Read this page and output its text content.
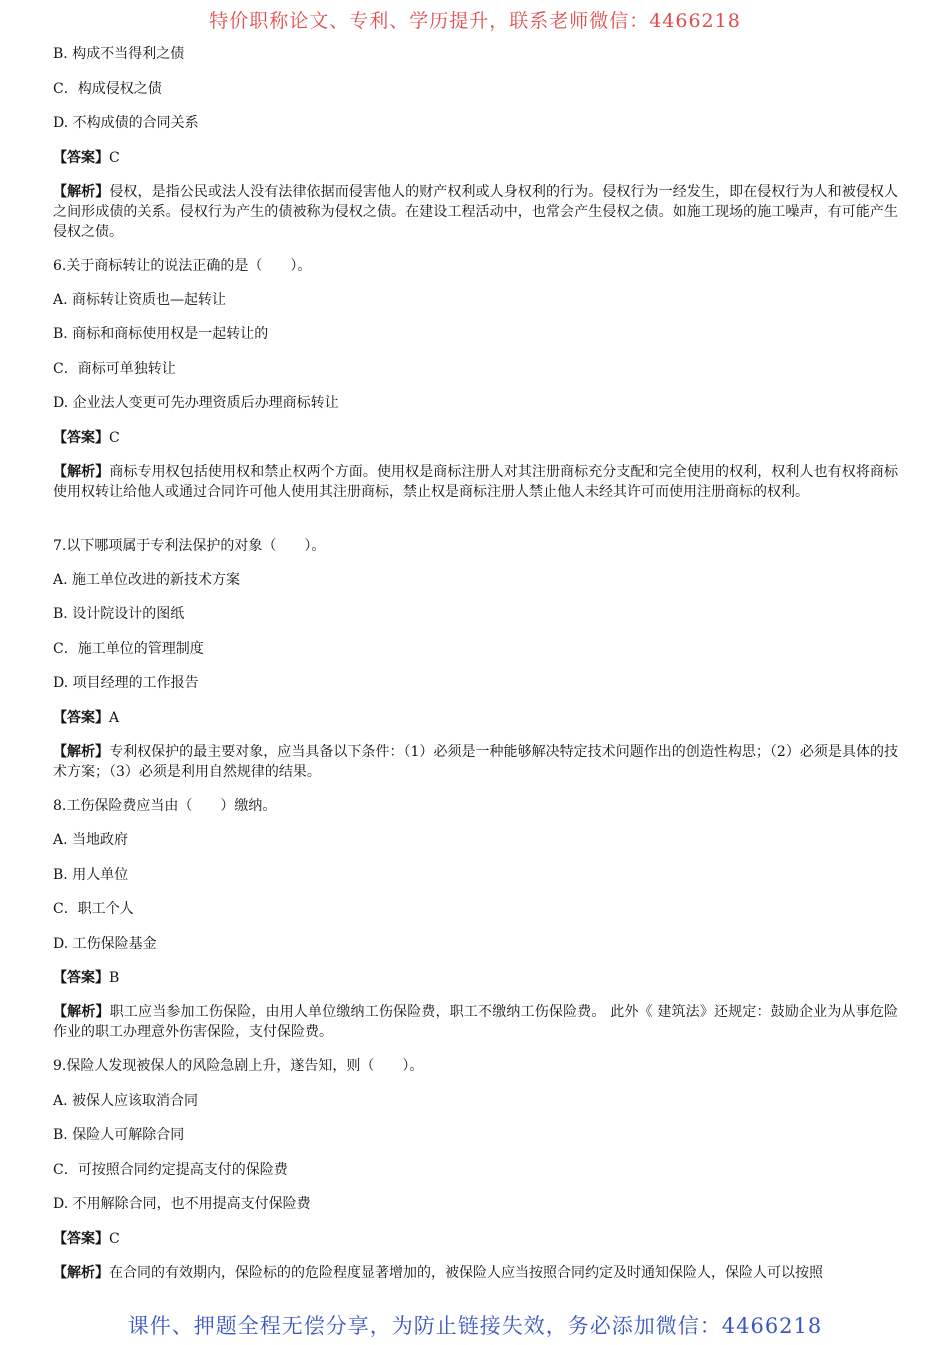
特价职称论文、专利、学历提升，联系老师微信：4466218
B. 构成不当得利之债
C．构成侵权之债
D. 不构成债的合同关系
【答案】C
【解析】侵权，是指公民或法人没有法律依据而侵害他人的财产权利或人身权利的行为。侵权行为一经发生，即在侵权行为人和被侵权人之间形成债的关系。侵权行为产生的债被称为侵权之债。在建设工程活动中，也常会产生侵权之债。如施工现场的施工噪声，有可能产生侵权之债。
6.关于商标转让的说法正确的是（　　）。
A. 商标转让资质也—起转让
B. 商标和商标使用权是一起转让的
C．商标可单独转让
D. 企业法人变更可先办理资质后办理商标转让
【答案】C
【解析】商标专用权包括使用权和禁止权两个方面。使用权是商标注册人对其注册商标充分支配和完全使用的权利，权利人也有权将商标使用权转让给他人或通过合同许可他人使用其注册商标，禁止权是商标注册人禁止他人未经其许可而使用注册商标的权利。
7.以下哪项属于专利法保护的对象（　　）。
A. 施工单位改进的新技术方案
B. 设计院设计的图纸
C．施工单位的管理制度
D. 项目经理的工作报告
【答案】A
【解析】专利权保护的最主要对象，应当具备以下条件：（1）必须是一种能够解决特定技术问题作出的创造性构思；（2）必须是具体的技术方案；（3）必须是利用自然规律的结果。
8.工伤保险费应当由（　　）缴纳。
A. 当地政府
B. 用人单位
C．职工个人
D. 工伤保险基金
【答案】B
【解析】职工应当参加工伤保险，由用人单位缴纳工伤保险费，职工不缴纳工伤保险费。 此外《 建筑法》还规定：鼓励企业为从事危险作业的职工办理意外伤害保险，支付保险费。
9.保险人发现被保人的风险急剧上升，遂告知，则（　　）。
A. 被保人应该取消合同
B. 保险人可解除合同
C．可按照合同约定提高支付的保险费
D. 不用解除合同，也不用提高支付保险费
【答案】C
【解析】在合同的有效期内，保险标的的危险程度显著增加的，被保险人应当按照合同约定及时通知保险人，保险人可以按照
课件、押题全程无偿分享，为防止链接失效，务必添加微信：4466218
